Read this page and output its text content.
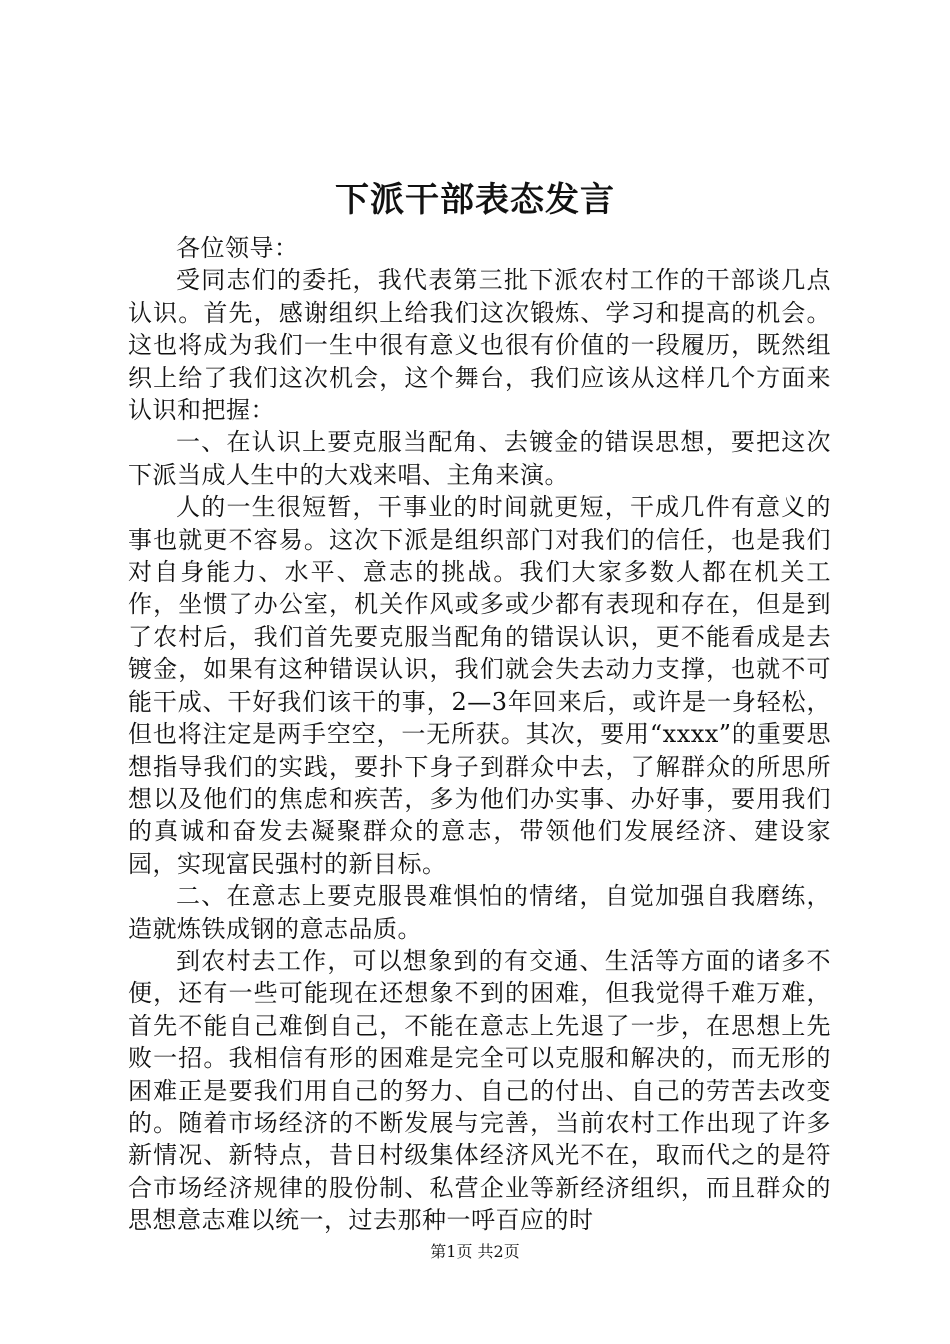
下派干部表态发言

各位领导：

受同志们的委托，我代表第三批下派农村工作的干部谈几点认识。首先，感谢组织上给我们这次锻炼、学习和提高的机会。这也将成为我们一生中很有意义也很有价值的一段履历，既然组织上给了我们这次机会，这个舞台，我们应该从这样几个方面来认识和把握：

一、在认识上要克服当配角、去镀金的错误思想，要把这次下派当成人生中的大戏来唱、主角来演。

人的一生很短暂，干事业的时间就更短，干成几件有意义的事也就更不容易。这次下派是组织部门对我们的信任，也是我们对自身能力、水平、意志的挑战。我们大家多数人都在机关工作，坐惯了办公室，机关作风或多或少都有表现和存在，但是到了农村后，我们首先要克服当配角的错误认识，更不能看成是去镀金，如果有这种错误认识，我们就会失去动力支撑，也就不可能干成、干好我们该干的事，2—3年回来后，或许是一身轻松，但也将注定是两手空空，一无所获。其次，要用“xxxx”的重要思想指导我们的实践，要扑下身子到群众中去，了解群众的所思所想以及他们的焦虑和疾苦，多为他们办实事、办好事，要用我们的真诚和奋发去凝聚群众的意志，带领他们发展经济、建设家园，实现富民强村的新目标。

二、在意志上要克服畏难惧怕的情绪，自觉加强自我磨练，造就炼铁成钢的意志品质。

到农村去工作，可以想象到的有交通、生活等方面的诸多不便，还有一些可能现在还想象不到的困难，但我觉得千难万难，首先不能自己难倒自己，不能在意志上先退了一步，在思想上先败一招。我相信有形的困难是完全可以克服和解决的，而无形的困难正是要我们用自己的努力、自己的付出、自己的劳苦去改变的。随着市场经济的不断发展与完善，当前农村工作出现了许多新情况、新特点，昔日村级集体经济风光不在，取而代之的是符合市场经济规律的股份制、私营企业等新经济组织，而且群众的思想意志难以统一，过去那种一呼百应的时

第1页 共2页
